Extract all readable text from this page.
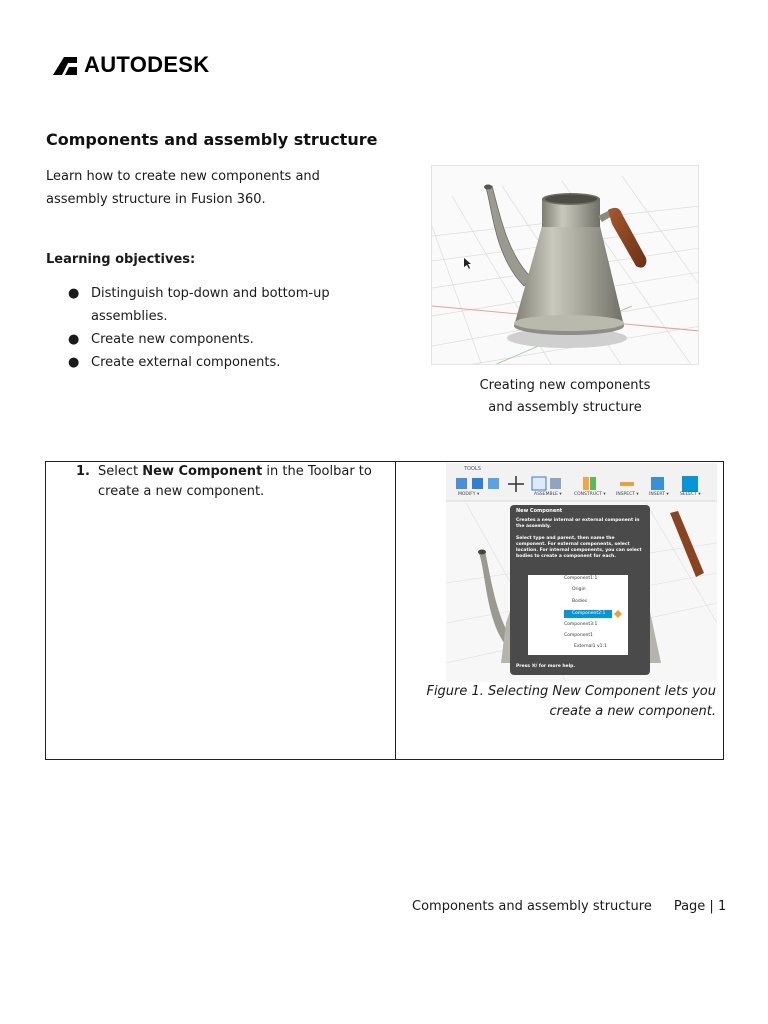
AUTODESK
Components and assembly structure

Learn how to create new components and assembly structure in Fusion 360.

Learning objectives:
● Distinguish top-down and bottom-up assemblies.
● Create new components.
● Create external components.
Creating new components
and assembly structure
1. Select New Component in the Toolbar to create a new component.

TOOLS
MODIFY ▾	ASSEMBLE ▾	CONSTRUCT ▾ INSPECT ▾ INSERT ▾	SELECT ▾
New Component
Creates a new internal or external component in the assembly.
Select type and parent, then name the component. For external components, select location. For internal components, you can select bodies to create a component for each.
Component1:1
Origin
Bodies
Component2:1
Component3:1
Component1
External1 v1:1
Press ⌘/ for more help.

Figure 1. Selecting New Component lets you create a new component.

Components and assembly structure Page | 1
